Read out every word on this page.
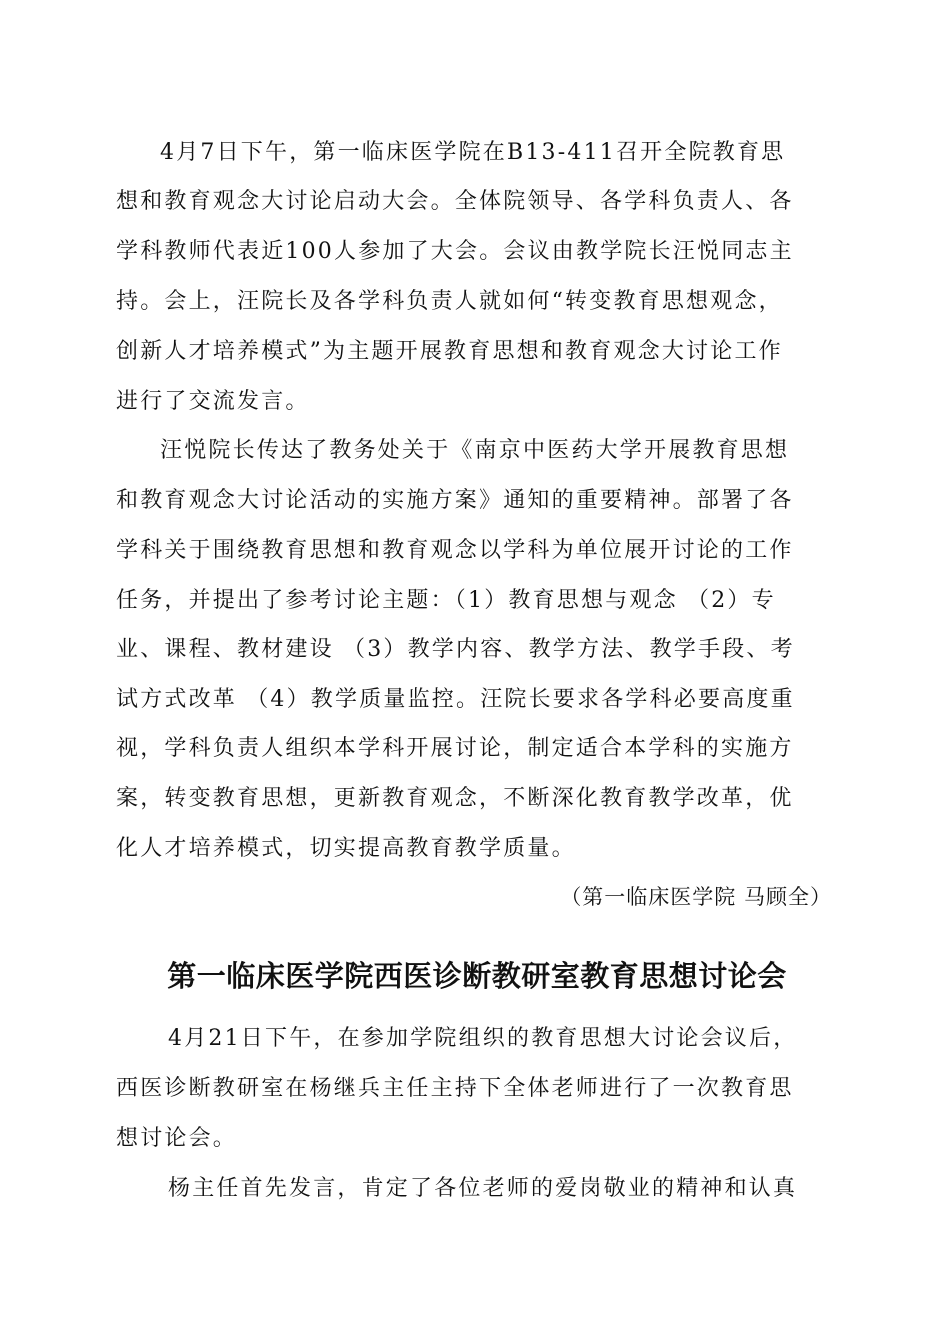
4月7日下午，第一临床医学院在B13-411召开全院教育思
想和教育观念大讨论启动大会。全体院领导、各学科负责人、各
学科教师代表近100人参加了大会。会议由教学院长汪悦同志主
持。会上，汪院长及各学科负责人就如何“转变教育思想观念，
创新人才培养模式”为主题开展教育思想和教育观念大讨论工作
进行了交流发言。
汪悦院长传达了教务处关于《南京中医药大学开展教育思想
和教育观念大讨论活动的实施方案》通知的重要精神。部署了各
学科关于围绕教育思想和教育观念以学科为单位展开讨论的工作
任务，并提出了参考讨论主题：（1）教育思想与观念 （2）专
业、课程、教材建设 （3）教学内容、教学方法、教学手段、考
试方式改革 （4）教学质量监控。汪院长要求各学科必要高度重
视，学科负责人组织本学科开展讨论，制定适合本学科的实施方
案，转变教育思想，更新教育观念，不断深化教育教学改革，优
化人才培养模式，切实提高教育教学质量。
（第一临床医学院 马顾全）
第一临床医学院西医诊断教研室教育思想讨论会
4月21日下午，在参加学院组织的教育思想大讨论会议后，
西医诊断教研室在杨继兵主任主持下全体老师进行了一次教育思
想讨论会。
杨主任首先发言，肯定了各位老师的爱岗敬业的精神和认真
